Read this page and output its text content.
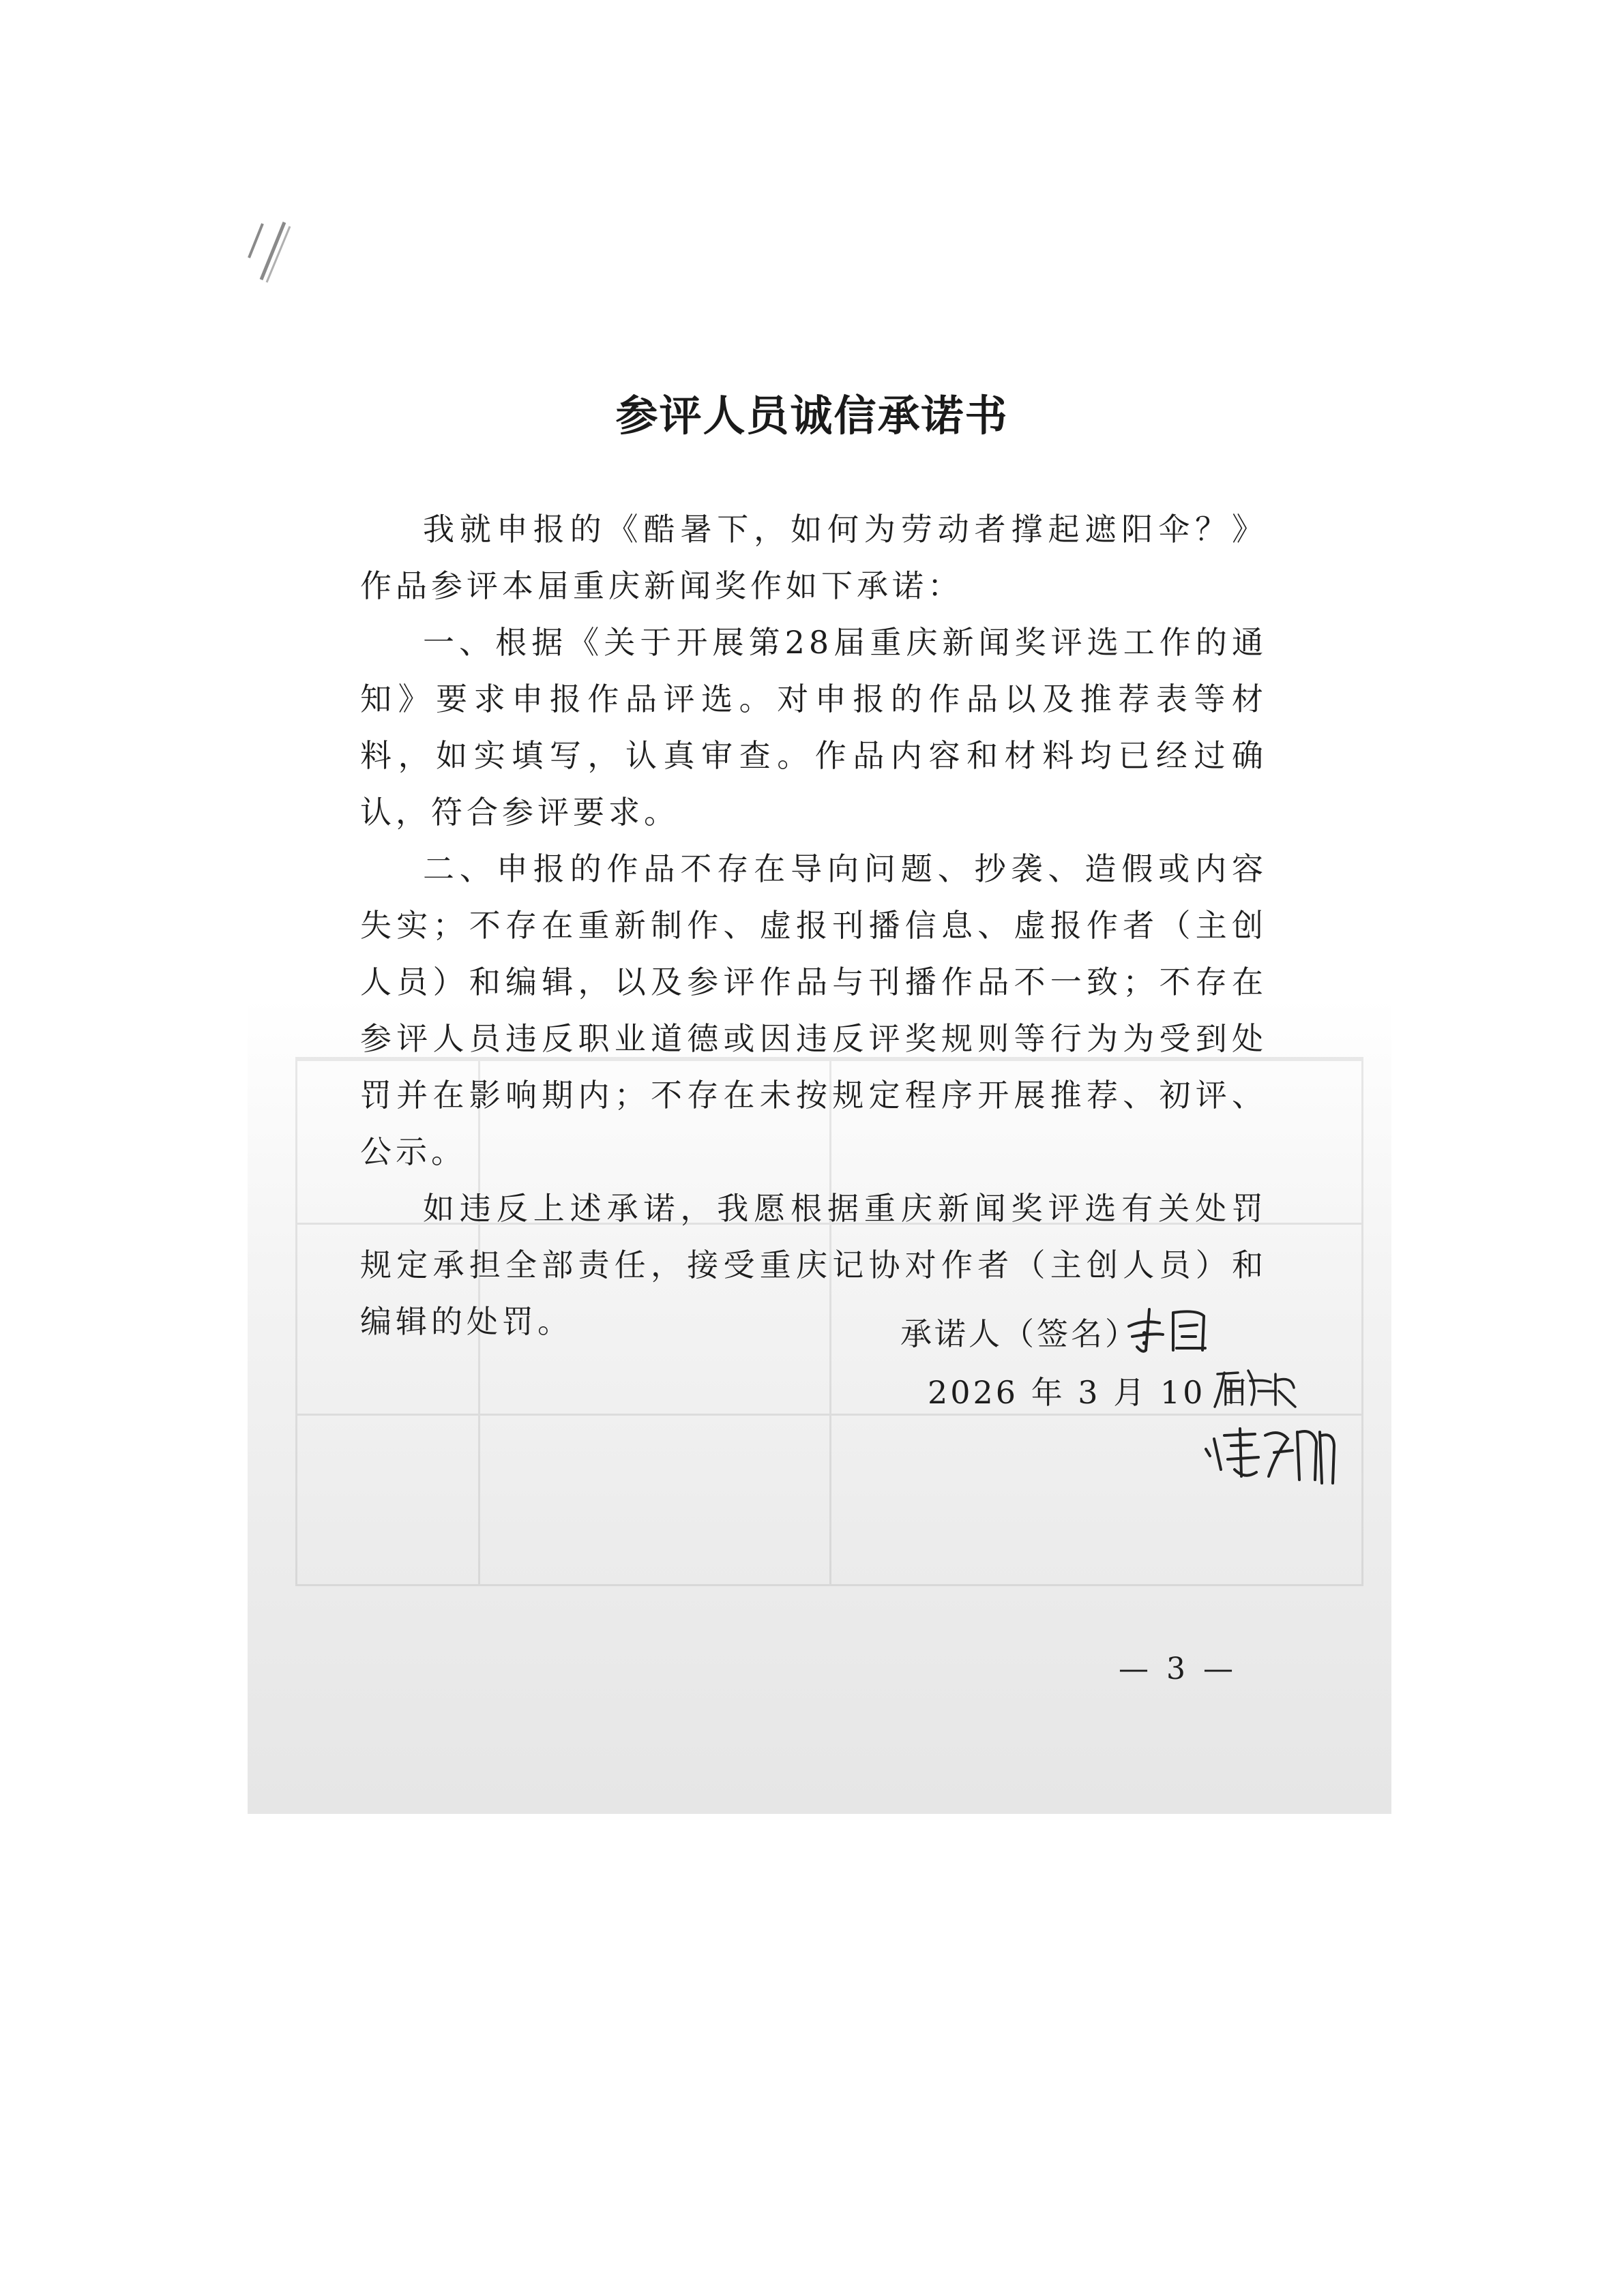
参评人员诚信承诺书

我就申报的《酷暑下，如何为劳动者撑起遮阳伞？》作品参评本届重庆新闻奖作如下承诺：

一、根据《关于开展第28届重庆新闻奖评选工作的通知》要求申报作品评选。对申报的作品以及推荐表等材料，如实填写，认真审查。作品内容和材料均已经过确认，符合参评要求。

二、申报的作品不存在导向问题、抄袭、造假或内容失实；不存在重新制作、虚报刊播信息、虚报作者（主创人员）和编辑，以及参评作品与刊播作品不一致；不存在参评人员违反职业道德或因违反评奖规则等行为为受到处罚并在影响期内；不存在未按规定程序开展推荐、初评、公示。

如违反上述承诺，我愿根据重庆新闻奖评选有关处罚规定承担全部责任，接受重庆记协对作者（主创人员）和编辑的处罚。	承诺人（签名）:
2026 年 3 月 10 日
— 3 —
